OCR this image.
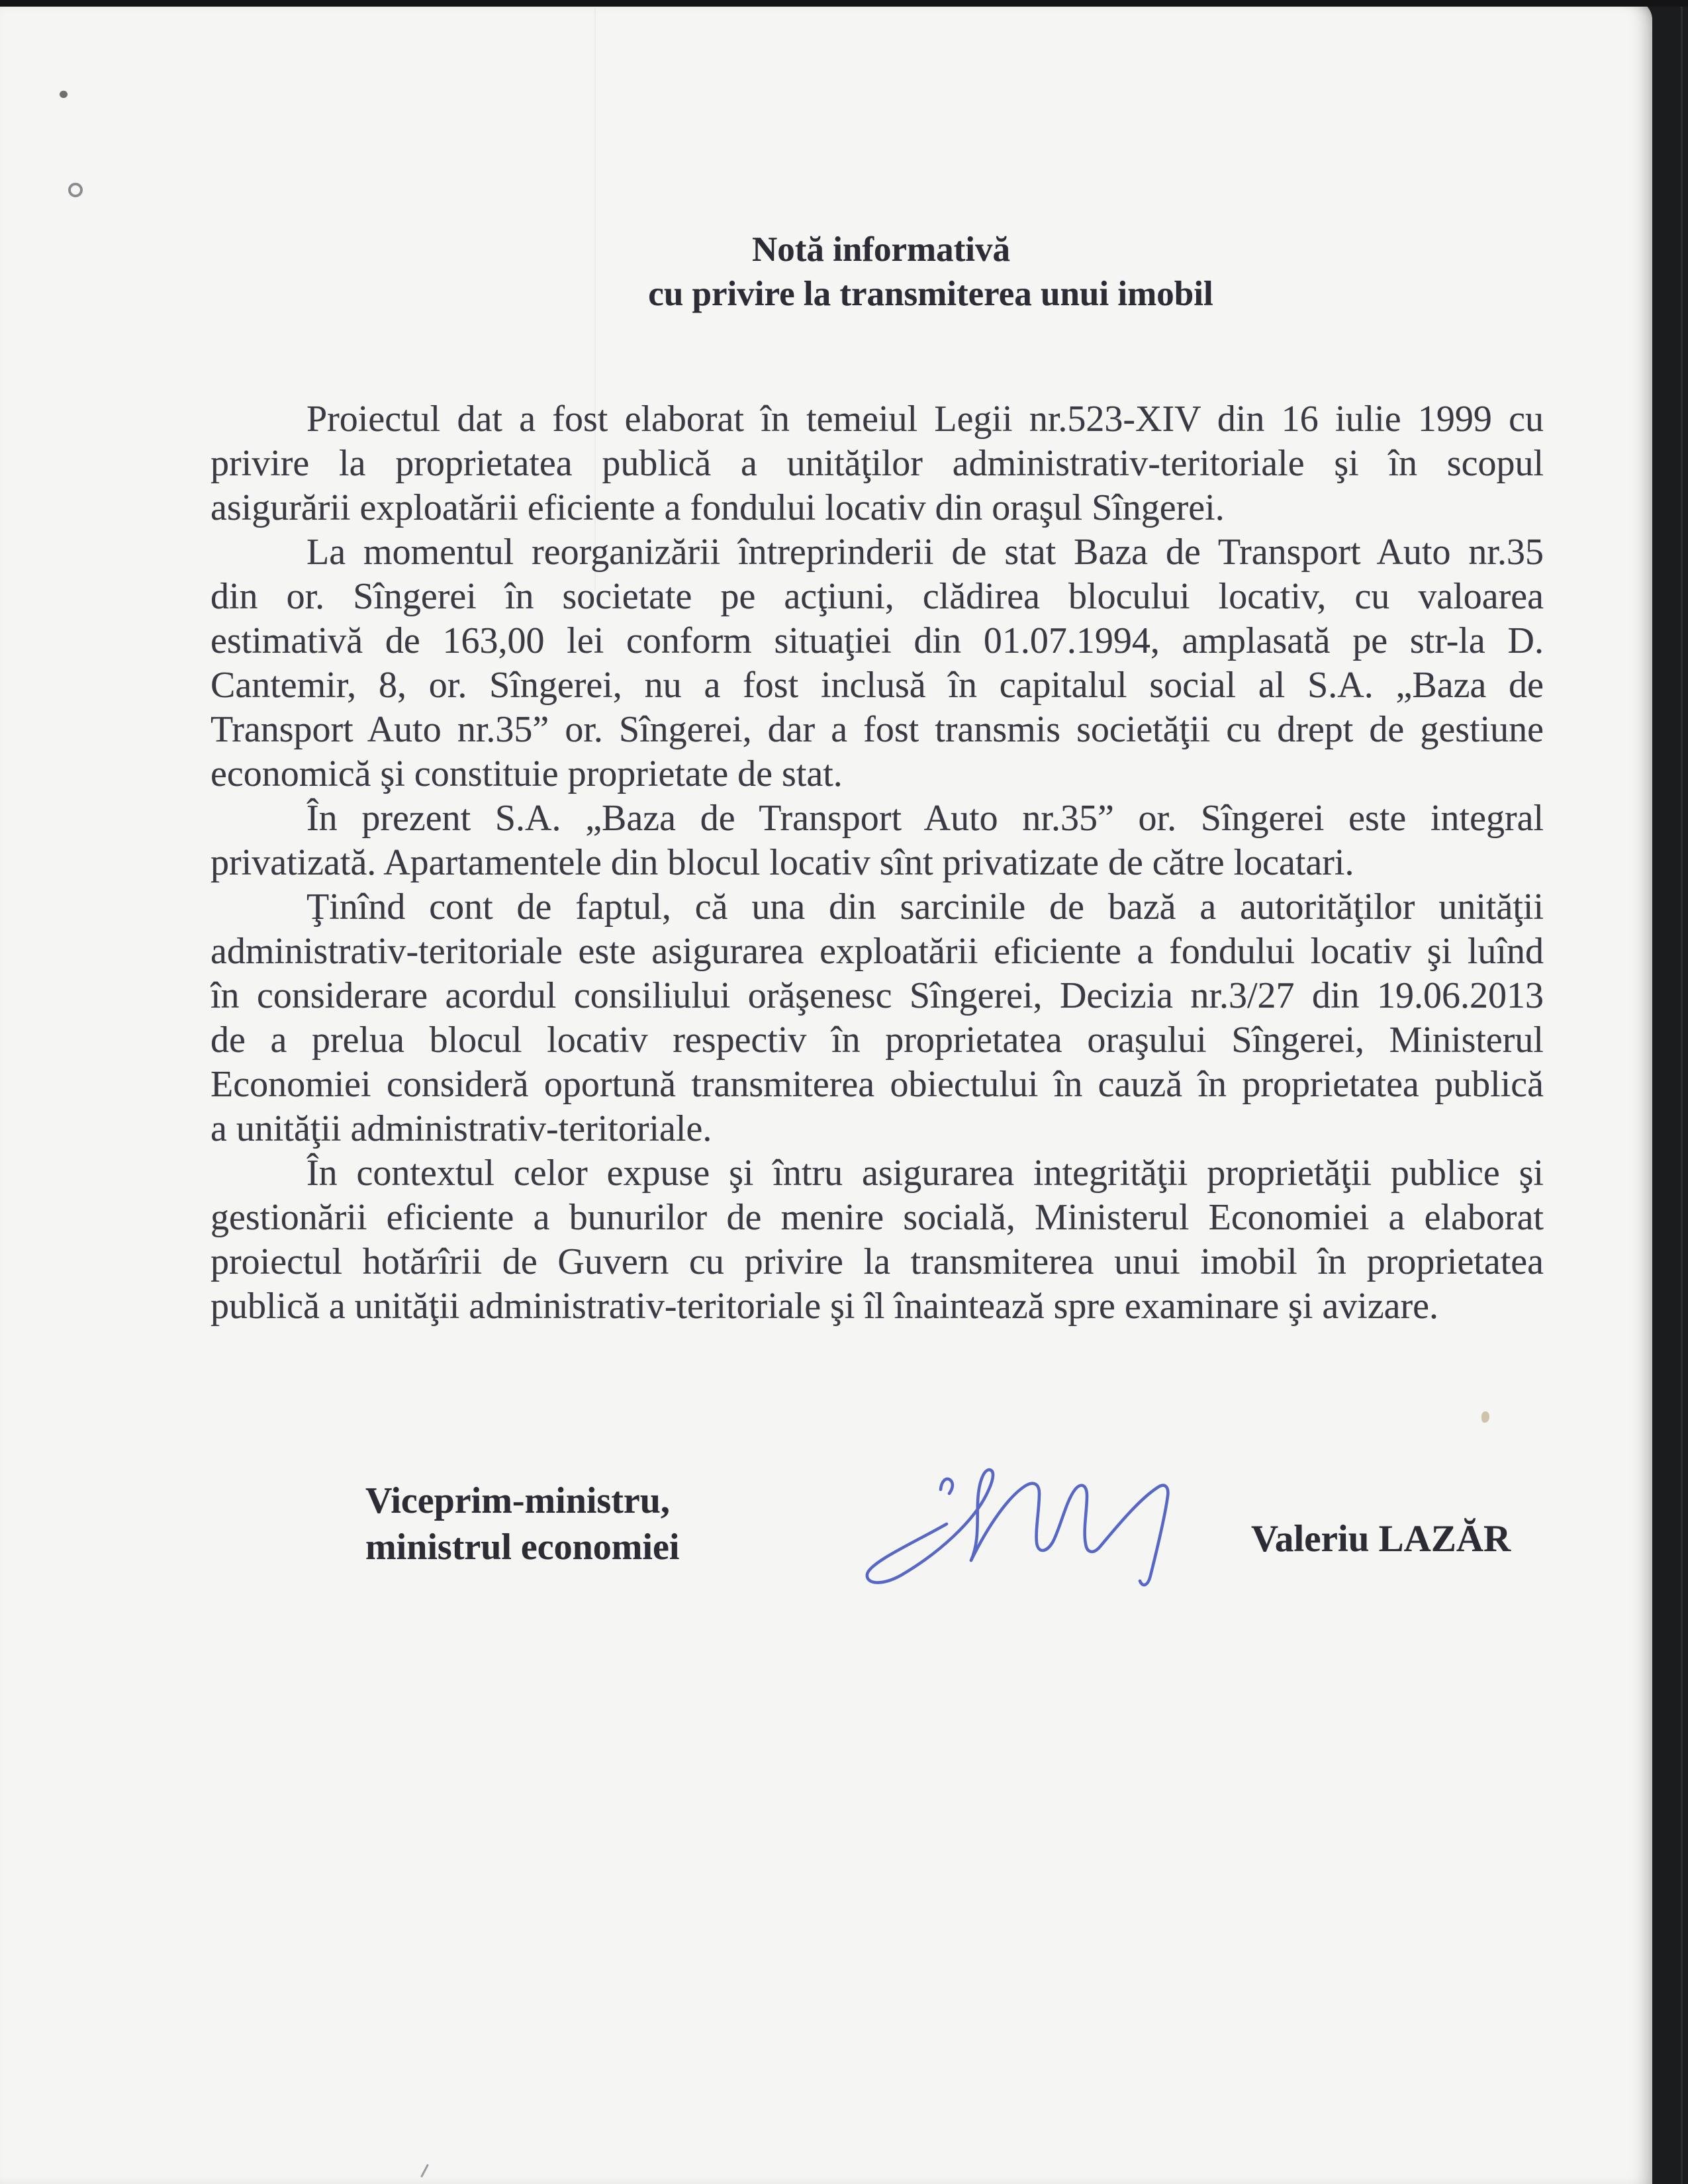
Notă informativă
cu privire la transmiterea unui imobil
Proiectul dat a fost elaborat în temeiul Legii nr.523-XIV din 16 iulie 1999 cu
privire la proprietatea publică a unităţilor administrativ-teritoriale şi în scopul
asigurării exploatării eficiente a fondului locativ din oraşul Sîngerei.
La momentul reorganizării întreprinderii de stat Baza de Transport Auto nr.35
din or. Sîngerei în societate pe acţiuni, clădirea blocului locativ, cu valoarea
estimativă de 163,00 lei conform situaţiei din 01.07.1994, amplasată pe str-la D.
Cantemir, 8, or. Sîngerei, nu a fost inclusă în capitalul social al S.A. „Baza de
Transport Auto nr.35” or. Sîngerei, dar a fost transmis societăţii cu drept de gestiune
economică şi constituie proprietate de stat.
În prezent S.A. „Baza de Transport Auto nr.35” or. Sîngerei este integral
privatizată. Apartamentele din blocul locativ sînt privatizate de către locatari.
Ţinînd cont de faptul, că una din sarcinile de bază a autorităţilor unităţii
administrativ-teritoriale este asigurarea exploatării eficiente a fondului locativ şi luînd
în considerare acordul consiliului orăşenesc Sîngerei, Decizia nr.3/27 din 19.06.2013
de a prelua blocul locativ respectiv în proprietatea oraşului Sîngerei, Ministerul
Economiei consideră oportună transmiterea obiectului în cauză în proprietatea publică
a unităţii administrativ-teritoriale.
În contextul celor expuse şi întru asigurarea integrităţii proprietăţii publice şi
gestionării eficiente a bunurilor de menire socială, Ministerul Economiei a elaborat
proiectul hotărîrii de Guvern cu privire la transmiterea unui imobil în proprietatea
publică a unităţii administrativ-teritoriale şi îl înaintează spre examinare şi avizare.
Viceprim-ministru,
ministrul economiei	Valeriu LAZĂR
